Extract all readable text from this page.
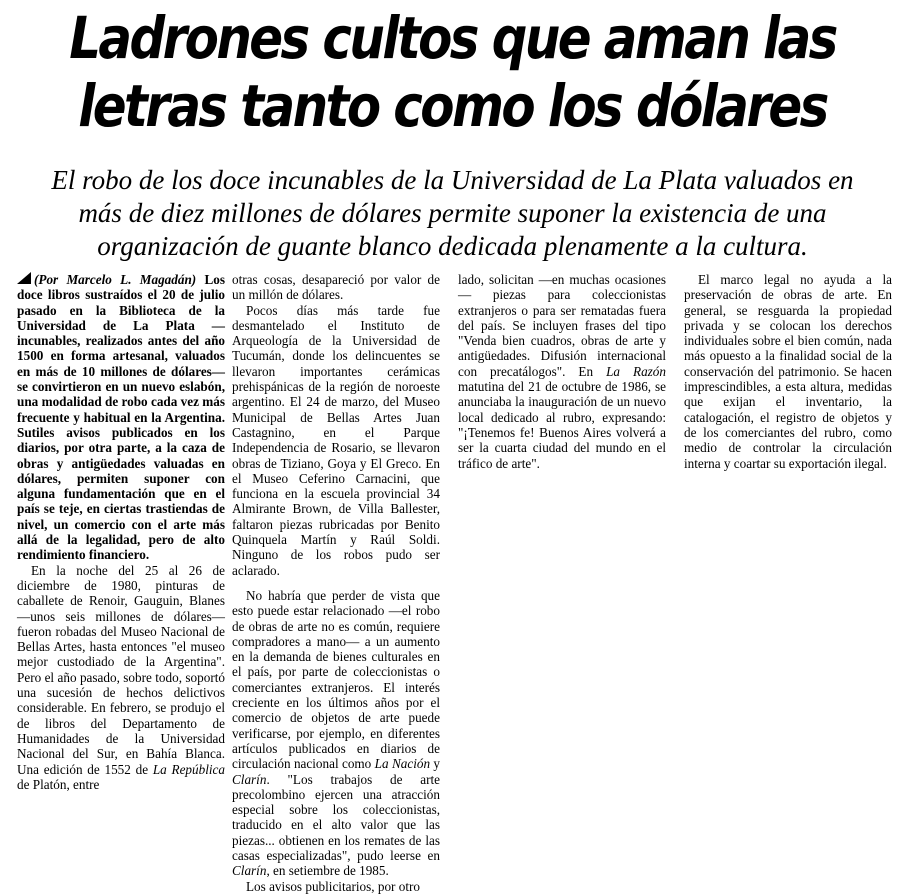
Ladrones cultos que aman las
letras tanto como los dólares
El robo de los doce incunables de la Universidad de La Plata valuados en
más de diez millones de dólares permite suponer la existencia de una
organización de guante blanco dedicada plenamente a la cultura.

(Por Marcelo L. Magadán) Los doce libros sustraídos el 20 de julio pasado en la Biblioteca de la Universidad de La Plata —incunables, realizados antes del año 1500 en forma artesanal, valuados en más de 10 millones de dólares— se convirtieron en un nuevo eslabón, una modalidad de robo cada vez más frecuente y habitual en la Argentina. Sutiles avisos publicados en los diarios, por otra parte, a la caza de obras y antigüedades valuadas en dólares, permiten suponer con alguna fundamentación que en el país se teje, en ciertas trastiendas de nivel, un comercio con el arte más allá de la legalidad, pero de alto rendimiento financiero.

En la noche del 25 al 26 de diciembre de 1980, pinturas de caballete de Renoir, Gauguin, Blanes —unos seis millones de dólares— fueron robadas del Museo Nacional de Bellas Artes, hasta entonces "el museo mejor custodiado de la Argentina". Pero el año pasado, sobre todo, soportó una sucesión de hechos delictivos considerable. En febrero, se produjo el de libros del Departamento de Humanidades de la Universidad Nacional del Sur, en Bahía Blanca. Una edición de 1552 de La República de Platón, entre

otras cosas, desapareció por valor de un millón de dólares.

Pocos días más tarde fue desmantelado el Instituto de Arqueología de la Universidad de Tucumán, donde los delincuentes se llevaron importantes cerámicas prehispánicas de la región de noroeste argentino. El 24 de marzo, del Museo Municipal de Bellas Artes Juan Castagnino, en el Parque Independencia de Rosario, se llevaron obras de Tiziano, Goya y El Greco. En el Museo Ceferino Carnacini, que funciona en la escuela provincial 34 Almirante Brown, de Villa Ballester, faltaron piezas rubricadas por Benito Quinquela Martín y Raúl Soldi. Ninguno de los robos pudo ser aclarado.

No habría que perder de vista que esto puede estar relacionado —el robo de obras de arte no es común, requiere compradores a mano— a un aumento en la demanda de bienes culturales en el país, por parte de coleccionistas o comerciantes extranjeros. El interés creciente en los últimos años por el comercio de objetos de arte puede verificarse, por ejemplo, en diferentes artículos publicados en diarios de circulación nacional como La Nación y Clarín. "Los trabajos de arte precolombino ejercen una atracción especial sobre los coleccionistas, traducido en el alto valor que las piezas... obtienen en los remates de las casas especializadas", pudo leerse en Clarín, en setiembre de 1985.

Los avisos publicitarios, por otro

lado, solicitan —en muchas ocasiones— piezas para coleccionistas extranjeros o para ser rematadas fuera del país. Se incluyen frases del tipo "Venda bien cuadros, obras de arte y antigüedades. Difusión internacional con precatálogos". En La Razón matutina del 21 de octubre de 1986, se anunciaba la inauguración de un nuevo local dedicado al rubro, expresando: "¡Tenemos fe! Buenos Aires volverá a ser la cuarta ciudad del mundo en el tráfico de arte".

El marco legal no ayuda a la preservación de obras de arte. En general, se resguarda la propiedad privada y se colocan los derechos individuales sobre el bien común, nada más opuesto a la finalidad social de la conservación del patrimonio. Se hacen imprescindibles, a esta altura, medidas que exijan el inventario, la catalogación, el registro de objetos y de los comerciantes del rubro, como medio de controlar la circulación interna y coartar su exportación ilegal.
